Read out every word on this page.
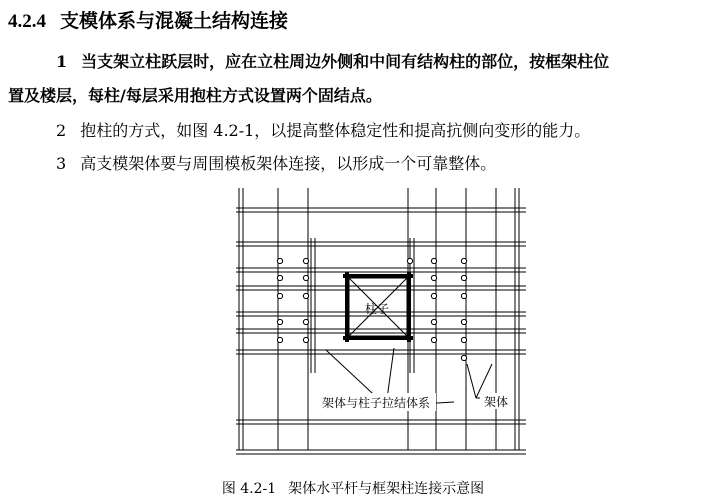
4.2.4 支模体系与混凝土结构连接
1 当支架立柱跃层时，应在立柱周边外侧和中间有结构柱的部位，按框架柱位
置及楼层，每柱/每层采用抱柱方式设置两个固结点。
2 抱柱的方式，如图 4.2-1，以提高整体稳定性和提高抗侧向变形的能力。
3 高支模架体要与周围模板架体连接，以形成一个可靠整体。
柱子
架体与柱子拉结体系	架体
图 4.2-1 架体水平杆与框架柱连接示意图
